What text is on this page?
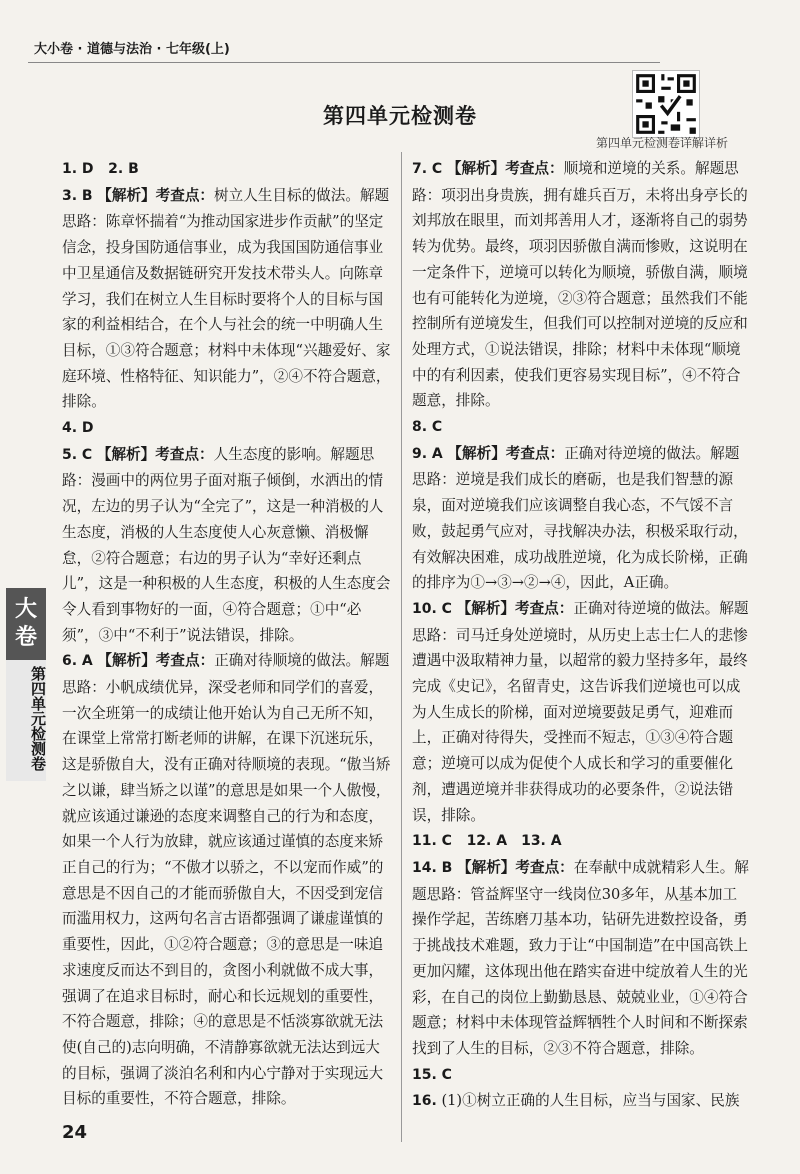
大小卷 · 道德与法治 · 七年级(上)
第四单元检测卷
第四单元检测卷详解详析

1. D　 2. B

3. B 【解析】考查点：树立人生目标的做法。解题思路：陈章怀揣着“为推动国家进步作贡献”的坚定信念，投身国防通信事业，成为我国国防通信事业中卫星通信及数据链研究开发技术带头人。向陈章学习，我们在树立人生目标时要将个人的目标与国家的利益相结合，在个人与社会的统一中明确人生目标，①③符合题意；材料中未体现“兴趣爱好、家庭环境、性格特征、知识能力”，②④不符合题意，排除。

4. D

5. C 【解析】考查点：人生态度的影响。解题思路：漫画中的两位男子面对瓶子倾倒，水洒出的情况，左边的男子认为“全完了”，这是一种消极的人生态度，消极的人生态度使人心灰意懒、消极懈怠，②符合题意；右边的男子认为“幸好还剩点儿”，这是一种积极的人生态度，积极的人生态度会令人看到事物好的一面，④符合题意；①中“必须”，③中“不利于”说法错误，排除。

6. A 【解析】考查点：正确对待顺境的做法。解题思路：小帆成绩优异，深受老师和同学们的喜爱，一次全班第一的成绩让他开始认为自己无所不知，在课堂上常常打断老师的讲解，在课下沉迷玩乐，这是骄傲自大，没有正确对待顺境的表现。“傲当矫之以谦，肆当矫之以谨”的意思是如果一个人傲慢，就应该通过谦逊的态度来调整自己的行为和态度，如果一个人行为放肆，就应该通过谨慎的态度来矫正自己的行为；“不傲才以骄之，不以宠而作威”的意思是不因自己的才能而骄傲自大，不因受到宠信而滥用权力，这两句名言古语都强调了谦虚谨慎的重要性，因此，①②符合题意；③的意思是一味追求速度反而达不到目的，贪图小利就做不成大事，强调了在追求目标时，耐心和长远规划的重要性，不符合题意，排除；④的意思是不恬淡寡欲就无法使(自己的)志向明确，不清静寡欲就无法达到远大的目标，强调了淡泊名利和内心宁静对于实现远大目标的重要性，不符合题意，排除。

7. C 【解析】考查点：顺境和逆境的关系。解题思路：项羽出身贵族，拥有雄兵百万，未将出身亭长的刘邦放在眼里，而刘邦善用人才，逐渐将自己的弱势转为优势。最终，项羽因骄傲自满而惨败，这说明在一定条件下，逆境可以转化为顺境，骄傲自满，顺境也有可能转化为逆境，②③符合题意；虽然我们不能控制所有逆境发生，但我们可以控制对逆境的反应和处理方式，①说法错误，排除；材料中未体现“顺境中的有利因素，使我们更容易实现目标”，④不符合题意，排除。

8. C

9. A 【解析】考查点：正确对待逆境的做法。解题思路：逆境是我们成长的磨砺，也是我们智慧的源泉，面对逆境我们应该调整自我心态，不气馁不言败，鼓起勇气应对，寻找解决办法，积极采取行动，有效解决困难，成功战胜逆境，化为成长阶梯，正确的排序为①→③→②→④，因此，A正确。

10. C 【解析】考查点：正确对待逆境的做法。解题思路：司马迁身处逆境时，从历史上志士仁人的悲惨遭遇中汲取精神力量，以超常的毅力坚持多年，最终完成《史记》，名留青史，这告诉我们逆境也可以成为人生成长的阶梯，面对逆境要鼓足勇气，迎难而上，正确对待得失，受挫而不短志，①③④符合题意；逆境可以成为促使个人成长和学习的重要催化剂，遭遇逆境并非获得成功的必要条件，②说法错误，排除。

11. C　 12. A　13. A

14. B 【解析】考查点：在奉献中成就精彩人生。解题思路：管益辉坚守一线岗位30多年，从基本加工操作学起，苦练磨刀基本功，钻研先进数控设备，勇于挑战技术难题，致力于让“中国制造”在中国高铁上更加闪耀，这体现出他在踏实奋进中绽放着人生的光彩，在自己的岗位上勤勤恳恳、兢兢业业，①④符合题意；材料中未体现管益辉牺牲个人时间和不断探索找到了人生的目标，②③不符合题意，排除。

15. C

16. (1)①树立正确的人生目标，应当与国家、民族

大卷
第四单元检测卷
24
